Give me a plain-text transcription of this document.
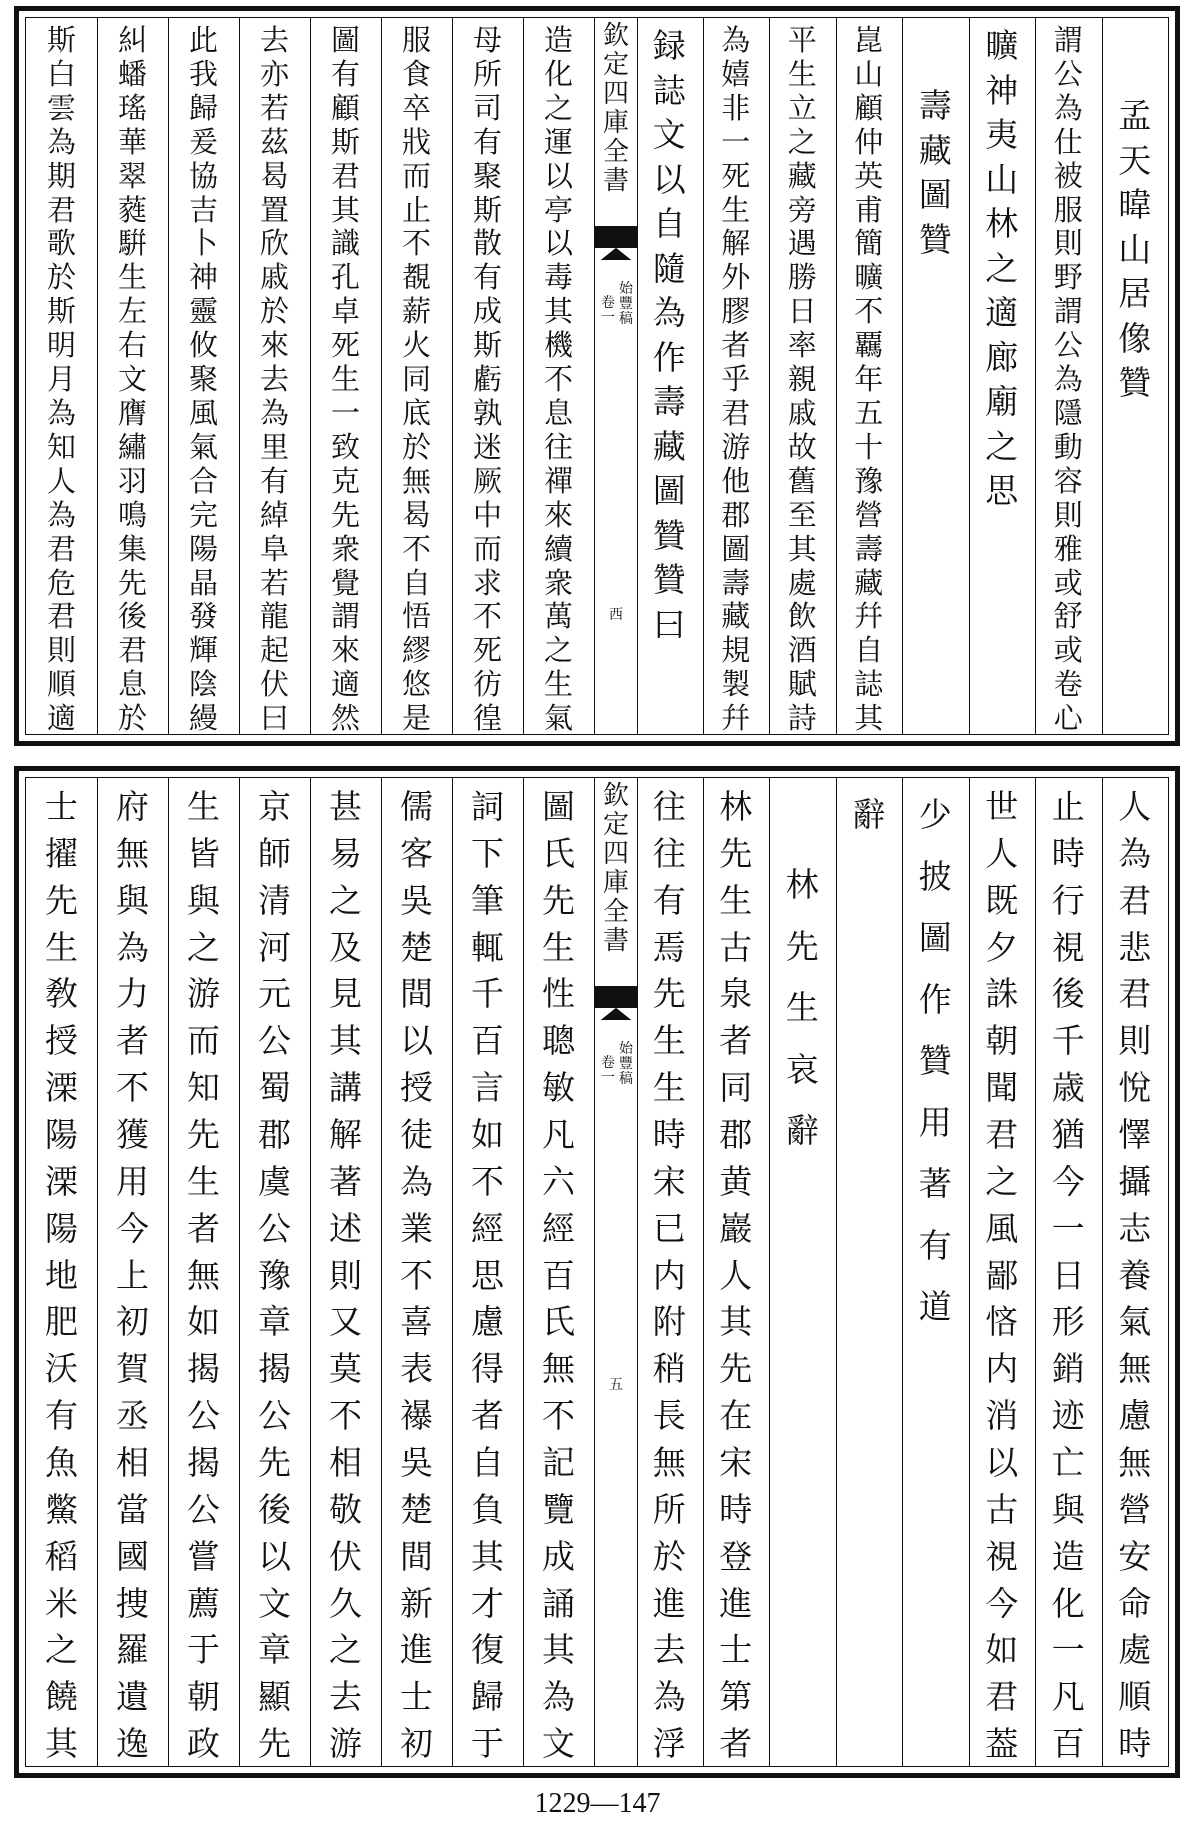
孟
天
暐
山
居
像
贊
謂
公
為
仕
被
服
則
野
謂
公
為
隱
動
容
則
雅
或
舒
或
卷
心
曠
神
夷
山
林
之
適
廊
廟
之
思
壽
藏
圖
贊
崑
山
顧
仲
英
甫
簡
曠
不
覊
年
五
十
豫
營
壽
藏
幷
自
誌
其
平
生
立
之
藏
旁
遇
勝
日
率
親
戚
故
舊
至
其
處
飲
酒
賦
詩
為
嬉
非
一
死
生
解
外
膠
者
乎
君
游
他
郡
圖
壽
藏
規
製
幷
録
誌
文
以
自
隨
為
作
壽
藏
圖
贊
贊
曰
造
化
之
運
以
亭
以
毒
其
機
不
息
往
禪
來
續
衆
萬
之
生
氣
母
所
司
有
聚
斯
散
有
成
斯
虧
孰
迷
厥
中
而
求
不
死
彷
徨
服
食
卒
戕
而
止
不
覩
薪
火
同
底
於
無
曷
不
自
悟
繆
悠
是
圖
有
顧
斯
君
其
識
孔
卓
死
生
一
致
克
先
衆
覺
謂
來
適
然
去
亦
若
茲
曷
置
欣
戚
於
來
去
為
里
有
綽
阜
若
龍
起
伏
曰
此
我
歸
爰
協
吉
卜
神
靈
攸
聚
風
氣
合
完
陽
晶
發
輝
陰
縵
糾
蟠
瑤
華
翠
蕤
騈
生
左
右
文
膺
繡
羽
鳴
集
先
後
君
息
於
斯
白
雲
為
期
君
歌
於
斯
明
月
為
知
人
為
君
危
君
則
順
適
欽
定
四
庫
全
書
始
豐
稿
卷
一
西
人
為
君
悲
君
則
悅
懌
攝
志
養
氣
無
慮
無
營
安
命
處
順
時
止
時
行
視
後
千
歳
猶
今
一
日
形
銷
迹
亡
與
造
化
一
凡
百
世
人
既
夕
誅
朝
聞
君
之
風
鄙
悋
内
消
以
古
視
今
如
君
葢
少
披
圖
作
贊
用
著
有
道
辭
林
先
生
哀
辭
林
先
生
古
泉
者
同
郡
黄
巖
人
其
先
在
宋
時
登
進
士
第
者
往
往
有
焉
先
生
生
時
宋
已
内
附
稍
長
無
所
於
進
去
為
浮
圖
氏
先
生
性
聰
敏
凡
六
經
百
氏
無
不
記
覽
成
誦
其
為
文
詞
下
筆
輒
千
百
言
如
不
經
思
慮
得
者
自
負
其
才
復
歸
于
儒
客
吳
楚
間
以
授
徒
為
業
不
喜
表
襮
吳
楚
間
新
進
士
初
甚
易
之
及
見
其
講
解
著
述
則
又
莫
不
相
敬
伏
久
之
去
游
京
師
清
河
元
公
蜀
郡
虞
公
豫
章
揭
公
先
後
以
文
章
顯
先
生
皆
與
之
游
而
知
先
生
者
無
如
揭
公
揭
公
嘗
薦
于
朝
政
府
無
與
為
力
者
不
獲
用
今
上
初
賀
丞
相
當
國
捜
羅
遺
逸
士
擢
先
生
敎
授
溧
陽
溧
陽
地
肥
沃
有
魚
鱉
稻
米
之
饒
其
欽
定
四
庫
全
書
始
豐
稿
卷
一
五
1229—147
